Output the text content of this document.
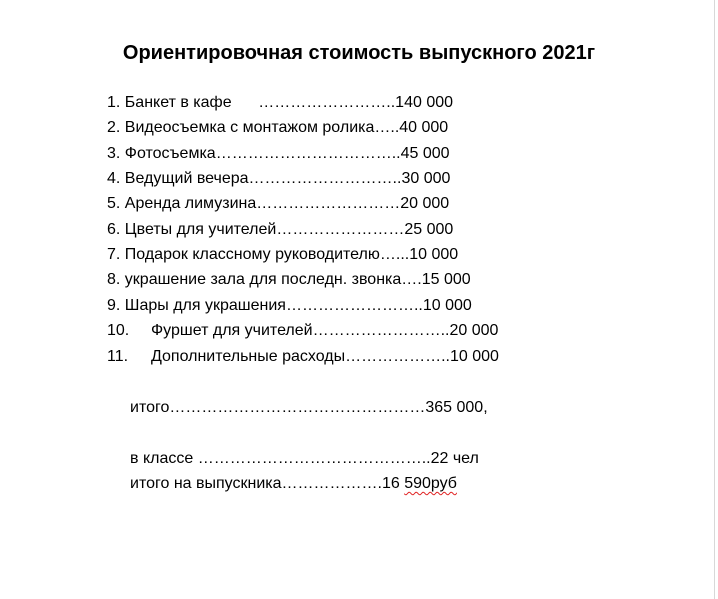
Ориентировочная стоимость выпускного 2021г
1. Банкет в кафе      ……………………..140 000
2. Видеосъемка с монтажом ролика…..40 000
3. Фотосъемка……………………………..45 000
4. Ведущий вечера………………………..30 000
5. Аренда лимузина………………………20 000
6. Цветы для учителей……………………25 000
7. Подарок классному руководителю…...10 000
8. украшение зала для последн. звонка….15 000
9. Шары для украшения……………………..10 000
10. Фуршет для учителей……………………..20 000
11. Дополнительные расходы………………..10 000
итого…………………………………………365 000,
в классе ……………………………………..22 чел
итого на выпускника……………….16 590руб
